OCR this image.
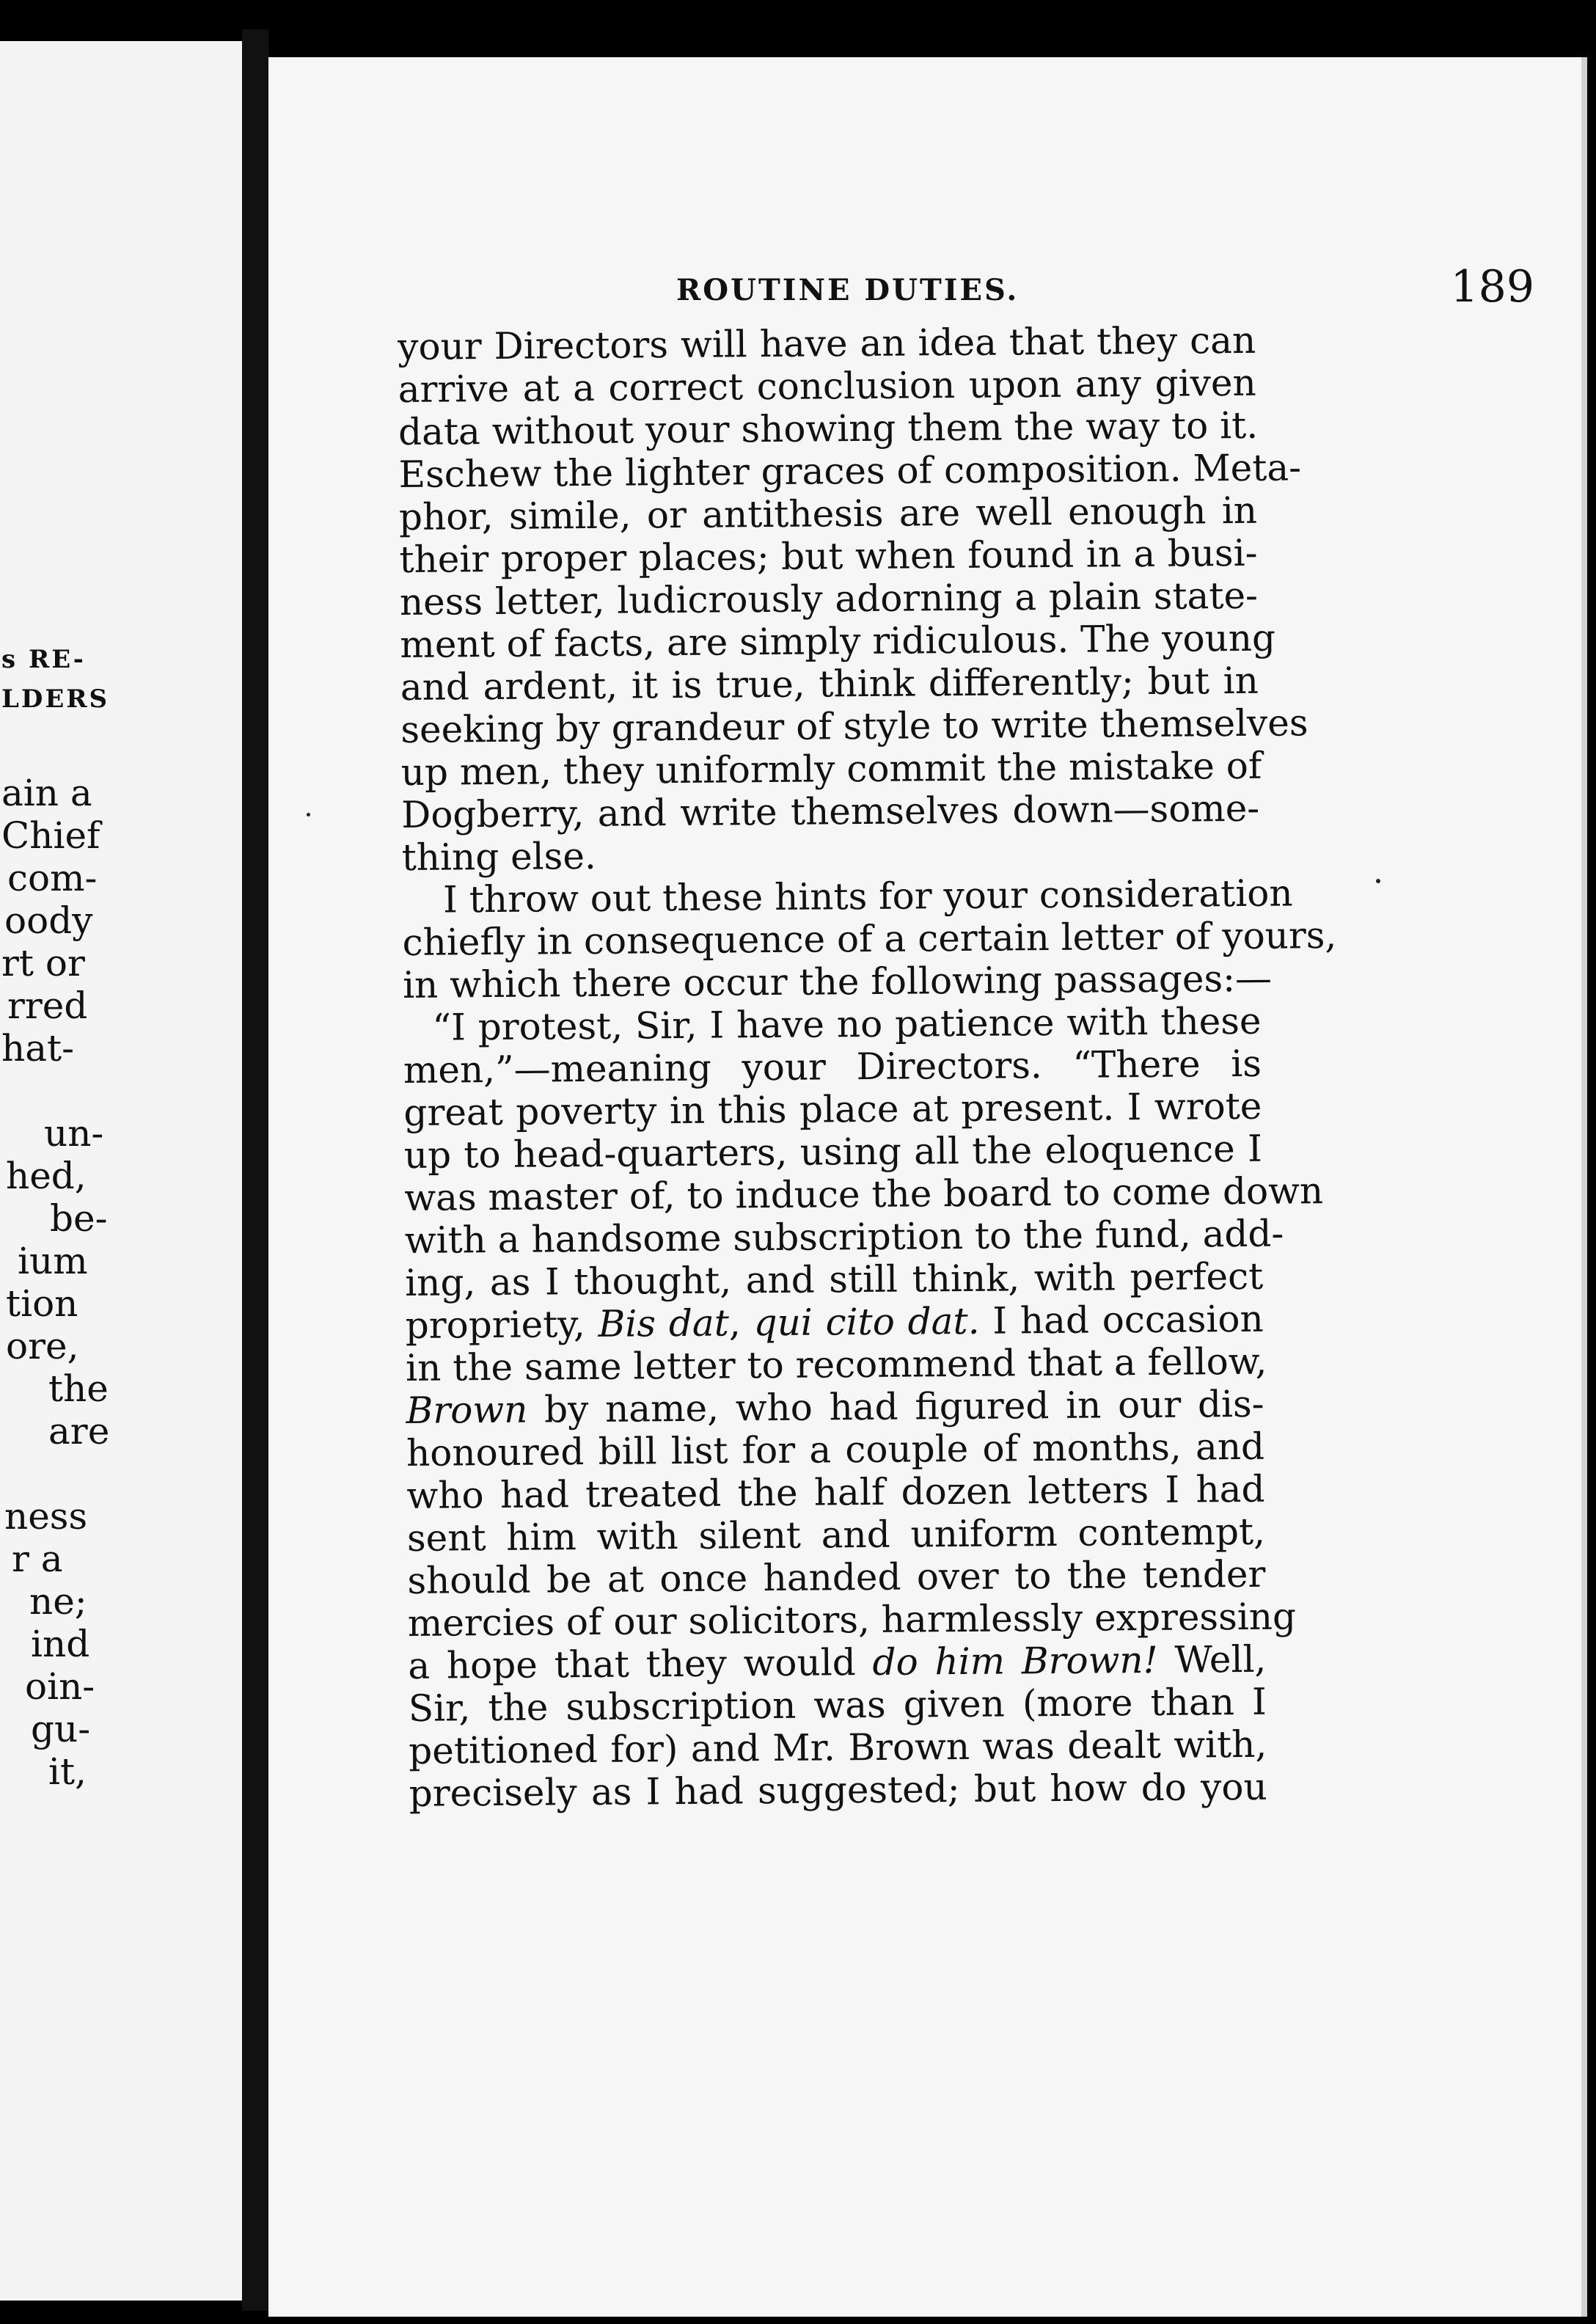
s RE-
LDERS
ain a
Chief
com-
oody
rt or
rred
hat-
un-
hed,
be-
ium
tion
ore,
the
are
ness
r a
ne;
ind
oin-
gu-
it,
ROUTINE DUTIES.	189
your Directors will have an idea that they can
arrive at a correct conclusion upon any given
data without your showing them the way to it.
Eschew the lighter graces of composition. Meta-
phor, simile, or antithesis are well enough in
their proper places; but when found in a busi-
ness letter, ludicrously adorning a plain state-
ment of facts, are simply ridiculous. The young
and ardent, it is true, think differently; but in
seeking by grandeur of style to write themselves
up men, they uniformly commit the mistake of
Dogberry, and write themselves down—some-
thing else.
I throw out these hints for your consideration
chiefly in consequence of a certain letter of yours,
in which there occur the following passages:—
“I protest, Sir, I have no patience with these
men,”—meaning your Directors. “There is
great poverty in this place at present. I wrote
up to head-quarters, using all the eloquence I
was master of, to induce the board to come down
with a handsome subscription to the fund, add-
ing, as I thought, and still think, with perfect
propriety, Bis dat, qui cito dat. I had occasion
in the same letter to recommend that a fellow,
Brown by name, who had figured in our dis-
honoured bill list for a couple of months, and
who had treated the half dozen letters I had
sent him with silent and uniform contempt,
should be at once handed over to the tender
mercies of our solicitors, harmlessly expressing
a hope that they would do him Brown! Well,
Sir, the subscription was given (more than I
petitioned for) and Mr. Brown was dealt with,
precisely as I had suggested; but how do you
